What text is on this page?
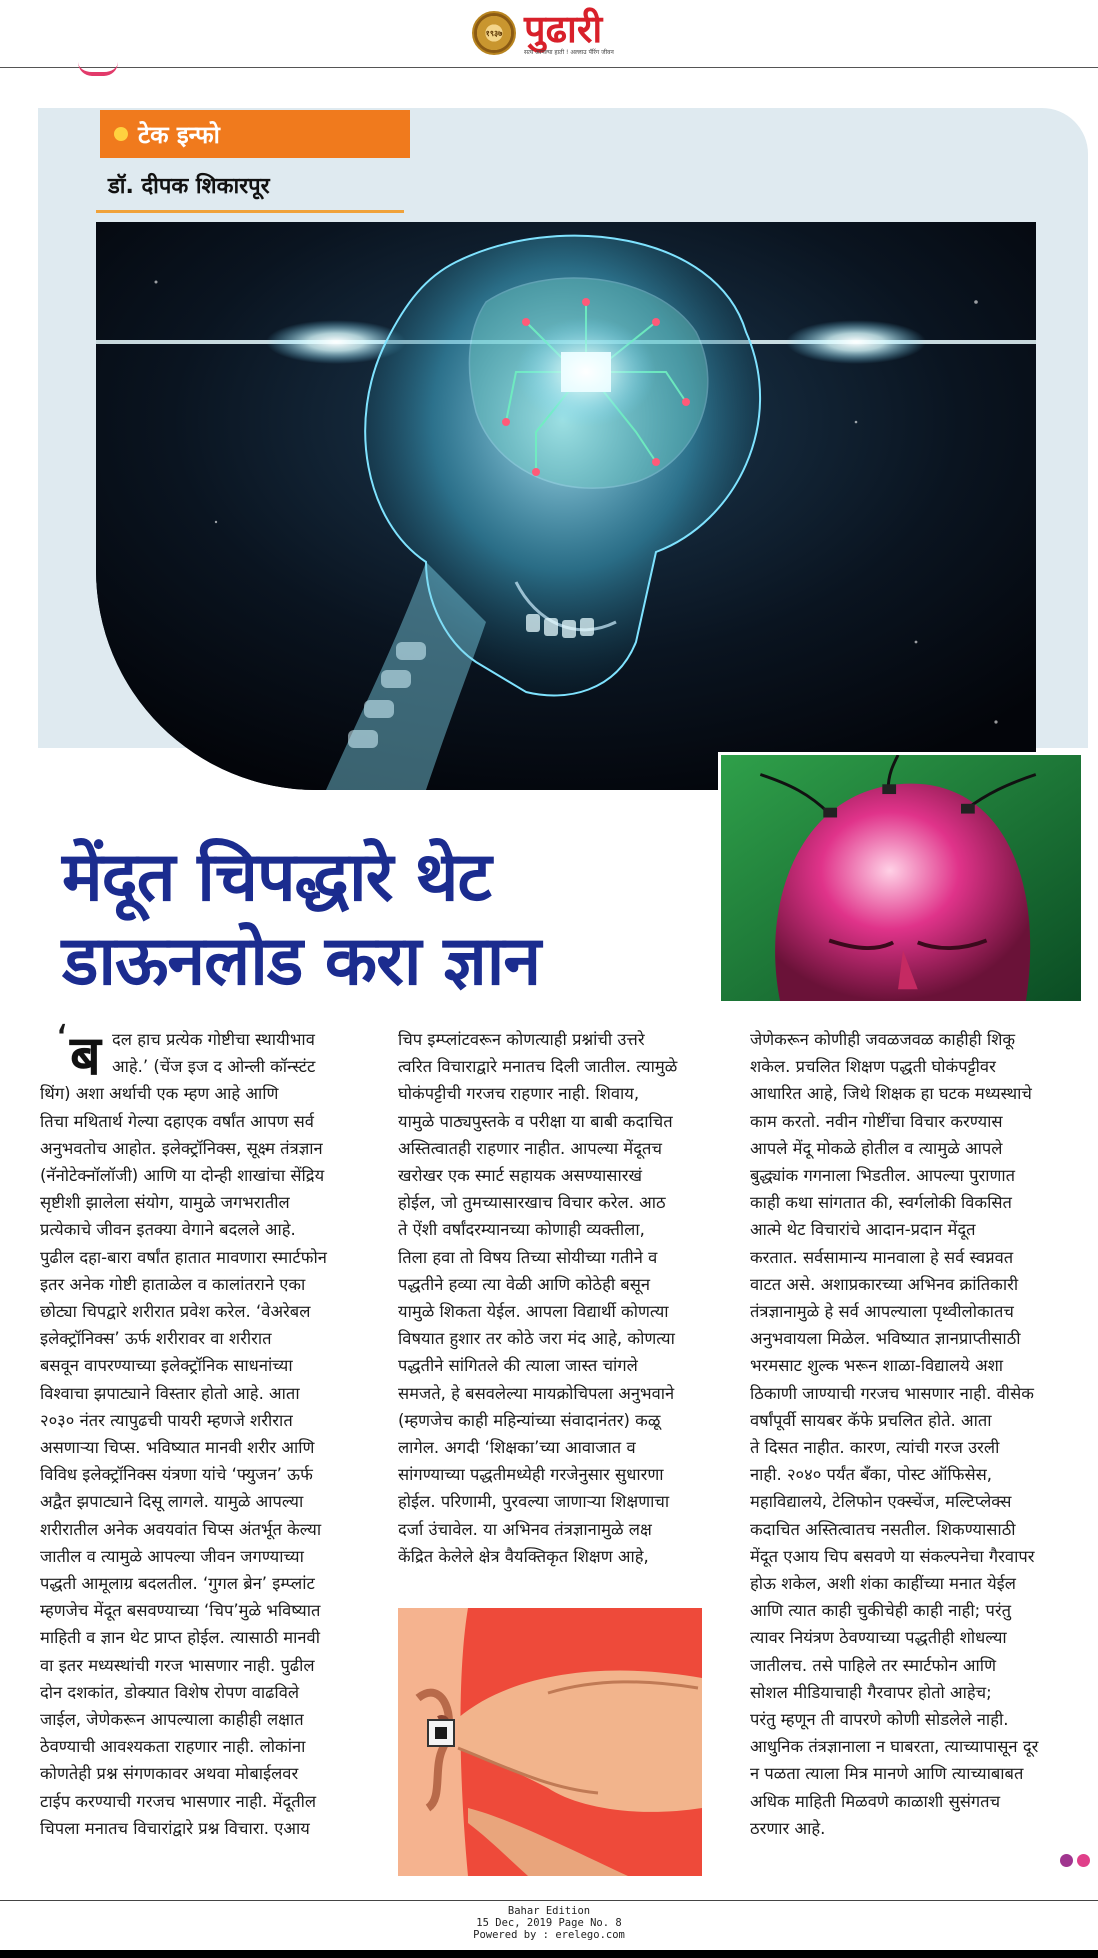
१९३७ पुढारी
सत्य आपल्या हाती ! अल्लाउ पॅरिंग जीवन
टेक इन्फो
डॉ. दीपक शिकारपूर
मेंदूत चिपद्धारे थेट
डाऊनलोड करा ज्ञान
‘ ब दल हाच प्रत्येक गोष्टीचा स्थायीभाव
आहे.’ (चेंज इज द ओन्ली कॉन्स्टंट
थिंग) अशा अर्थाची एक म्हण आहे आणि
तिचा मथितार्थ गेल्या दहाएक वर्षांत आपण सर्व
अनुभवतोच आहोत. इलेक्ट्रॉनिक्स, सूक्ष्म तंत्रज्ञान
(नॅनोटेक्नॉलॉजी) आणि या दोन्ही शाखांचा सेंद्रिय
सृष्टीशी झालेला संयोग, यामुळे जगभरातील
प्रत्येकाचे जीवन इतक्या वेगाने बदलले आहे.
पुढील दहा-बारा वर्षांत हातात मावणारा स्मार्टफोन
इतर अनेक गोष्टी हाताळेल व कालांतराने एका
छोट्या चिपद्वारे शरीरात प्रवेश करेल. ‘वेअरेबल
इलेक्ट्रॉनिक्स’ ऊर्फ शरीरावर वा शरीरात
बसवून वापरण्याच्या इलेक्ट्रॉनिक साधनांच्या
विश्वाचा झपाट्याने विस्तार होतो आहे. आता
२०३० नंतर त्यापुढची पायरी म्हणजे शरीरात
असणाऱ्या चिप्स. भविष्यात मानवी शरीर आणि
विविध इलेक्ट्रॉनिक्स यंत्रणा यांचे ‘फ्युजन’ ऊर्फ
अद्वैत झपाट्याने दिसू लागले. यामुळे आपल्या
शरीरातील अनेक अवयवांत चिप्स अंतर्भूत केल्या
जातील व त्यामुळे आपल्या जीवन जगण्याच्या
पद्धती आमूलाग्र बदलतील. ‘गुगल ब्रेन’ इम्प्लांट
म्हणजेच मेंदूत बसवण्याच्या ‘चिप’मुळे भविष्यात
माहिती व ज्ञान थेट प्राप्त होईल. त्यासाठी मानवी
वा इतर मध्यस्थांची गरज भासणार नाही. पुढील
दोन दशकांत, डोक्यात विशेष रोपण वाढविले
जाईल, जेणेकरून आपल्याला काहीही लक्षात
ठेवण्याची आवश्यकता राहणार नाही. लोकांना
कोणतेही प्रश्न संगणकावर अथवा मोबाईलवर
टाईप करण्याची गरजच भासणार नाही. मेंदूतील
चिपला मनातच विचारांद्वारे प्रश्न विचारा. एआय
चिप इम्प्लांटवरून कोणत्याही प्रश्नांची उत्तरे
त्वरित विचाराद्वारे मनातच दिली जातील. त्यामुळे
घोकंपट्टीची गरजच राहणार नाही. शिवाय,
यामुळे पाठ्यपुस्तके व परीक्षा या बाबी कदाचित
अस्तित्वातही राहणार नाहीत. आपल्या मेंदूतच
खरोखर एक स्मार्ट सहायक असण्यासारखं
होईल, जो तुमच्यासारखाच विचार करेल. आठ
ते ऐंशी वर्षांदरम्यानच्या कोणाही व्यक्तीला,
तिला हवा तो विषय तिच्या सोयीच्या गतीने व
पद्धतीने हव्या त्या वेळी आणि कोठेही बसून
यामुळे शिकता येईल. आपला विद्यार्थी कोणत्या
विषयात हुशार तर कोठे जरा मंद आहे, कोणत्या
पद्धतीने सांगितले की त्याला जास्त चांगले
समजते, हे बसवलेल्या मायक्रोचिपला अनुभवाने
(म्हणजेच काही महिन्यांच्या संवादानंतर) कळू
लागेल. अगदी ‘शिक्षका’च्या आवाजात व
सांगण्याच्या पद्धतीमध्येही गरजेनुसार सुधारणा
होईल. परिणामी, पुरवल्या जाणाऱ्या शिक्षणाचा
दर्जा उंचावेल. या अभिनव तंत्रज्ञानामुळे लक्ष
केंद्रित केलेले क्षेत्र वैयक्तिकृत शिक्षण आहे,
जेणेकरून कोणीही जवळजवळ काहीही शिकू
शकेल. प्रचलित शिक्षण पद्धती घोकंपट्टीवर
आधारित आहे, जिथे शिक्षक हा घटक मध्यस्थाचे
काम करतो. नवीन गोष्टींचा विचार करण्यास
आपले मेंदू मोकळे होतील व त्यामुळे आपले
बुद्ध्यांक गगनाला भिडतील. आपल्या पुराणात
काही कथा सांगतात की, स्वर्गलोकी विकसित
आत्मे थेट विचारांचे आदान-प्रदान मेंदूत
करतात. सर्वसामान्य मानवाला हे सर्व स्वप्नवत
वाटत असे. अशाप्रकारच्या अभिनव क्रांतिकारी
तंत्रज्ञानामुळे हे सर्व आपल्याला पृथ्वीलोकातच
अनुभवायला मिळेल. भविष्यात ज्ञानप्राप्तीसाठी
भरमसाट शुल्क भरून शाळा-विद्यालये अशा
ठिकाणी जाण्याची गरजच भासणार नाही. वीसेक
वर्षांपूर्वी सायबर कॅफे प्रचलित होते. आता
ते दिसत नाहीत. कारण, त्यांची गरज उरली
नाही. २०४० पर्यंत बँका, पोस्ट ऑफिसेस,
महाविद्यालये, टेलिफोन एक्स्चेंज, मल्टिप्लेक्स
कदाचित अस्तित्वातच नसतील. शिकण्यासाठी
मेंदूत एआय चिप बसवणे या संकल्पनेचा गैरवापर
होऊ शकेल, अशी शंका काहींच्या मनात येईल
आणि त्यात काही चुकीचेही काही नाही; परंतु
त्यावर नियंत्रण ठेवण्याच्या पद्धतीही शोधल्या
जातीलच. तसे पाहिले तर स्मार्टफोन आणि
सोशल मीडियाचाही गैरवापर होतो आहेच;
परंतु म्हणून ती वापरणे कोणी सोडलेले नाही.
आधुनिक तंत्रज्ञानाला न घाबरता, त्याच्यापासून दूर
न पळता त्याला मित्र मानणे आणि त्याच्याबाबत
अधिक माहिती मिळवणे काळाशी सुसंगतच
ठरणार आहे.
Bahar Edition
15 Dec, 2019 Page No. 8
Powered by : erelego.com
